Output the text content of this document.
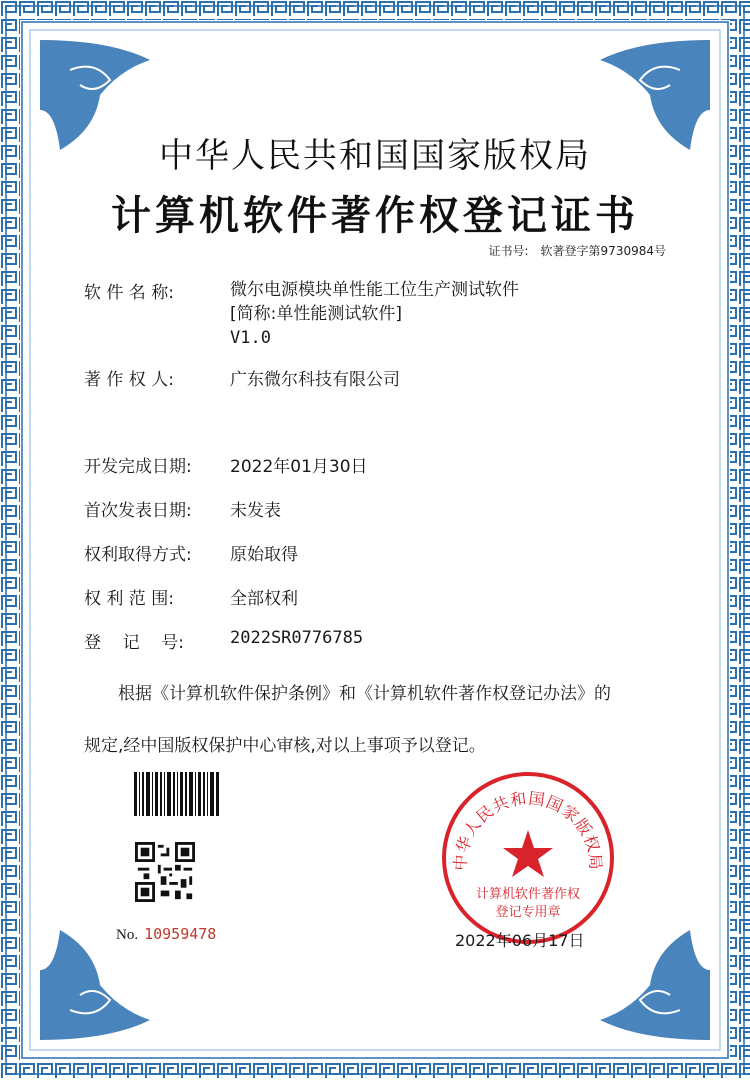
中华人民共和国国家版权局
计算机软件著作权登记证书
证书号: 软著登字第9730984号
软 件 名 称:	微尔电源模块单性能工位生产测试软件
[简称:单性能测试软件]
V1.0
著 作 权 人:	广东微尔科技有限公司
开发完成日期:	2022年01月30日
首次发表日期:	未发表
权利取得方式:	原始取得
权 利 范 围:	全部权利
登    记    号:	2022SR0776785
根据《计算机软件保护条例》和《计算机软件著作权登记办法》的
规定,经中国版权保护中心审核,对以上事项予以登记。
No. 10959478
中华人民共和国国家版权局
计算机软件著作权
登记专用章
2022年06月17日
